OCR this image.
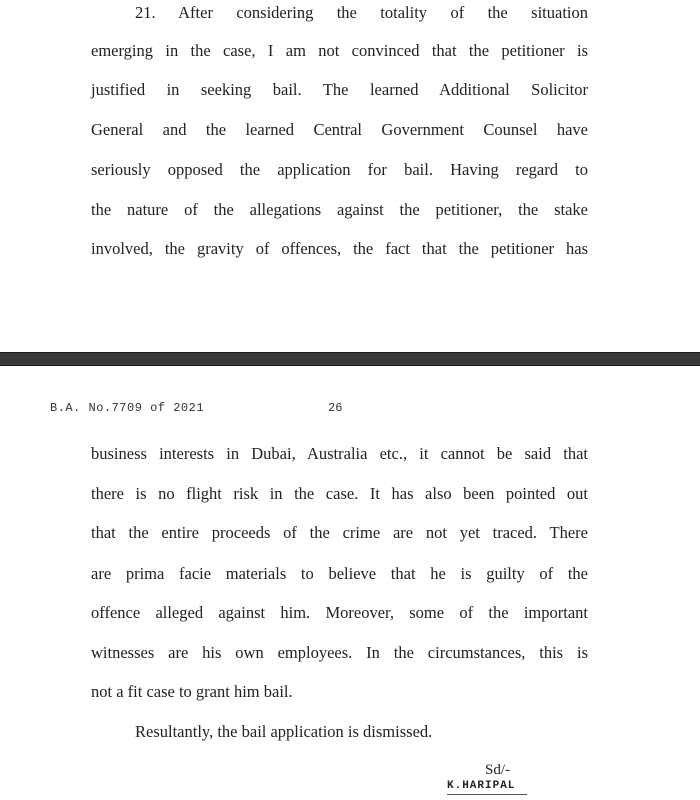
21. After considering the totality of the situation
emerging in the case, I am not convinced that the petitioner is
justified in seeking bail. The learned Additional Solicitor
General and the learned Central Government Counsel have
seriously opposed the application for bail. Having regard to
the nature of the allegations against the petitioner, the stake
involved, the gravity of offences, the fact that the petitioner has
B.A. No.7709 of 2021	26
business interests in Dubai, Australia etc., it cannot be said that
there is no flight risk in the case. It has also been pointed out
that the entire proceeds of the crime are not yet traced. There
are prima facie materials to believe that he is guilty of the
offence alleged against him. Moreover, some of the important
witnesses are his own employees. In the circumstances, this is
not a fit case to grant him bail.
Resultantly, the bail application is dismissed.
Sd/-
K.HARIPAL
